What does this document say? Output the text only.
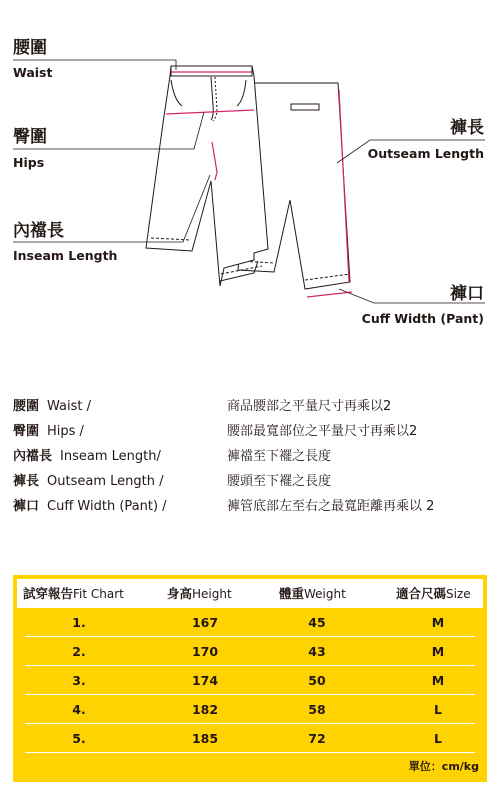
腰圍
Waist
臀圍
Hips
內襠長
Inseam Length
褲長
Outseam Length
褲口
Cuff Width (Pant)
腰圍 Waist /	商品腰部之平量尺寸再乘以2
臀圍 Hips /	腰部最寬部位之平量尺寸再乘以2
內襠長 Inseam Length/	褲襠至下襬之長度
褲長 Outseam Length /	腰頭至下襬之長度
褲口 Cuff Width (Pant) /	褲管底部左至右之最寬距離再乘以 2
試穿報告Fit Chart	身高Height	體重Weight	適合尺碼Size
1.	167	45	M
2.	170	43	M
3.	174	50	M
4.	182	58	L
5.	185	72	L
單位：cm/kg
